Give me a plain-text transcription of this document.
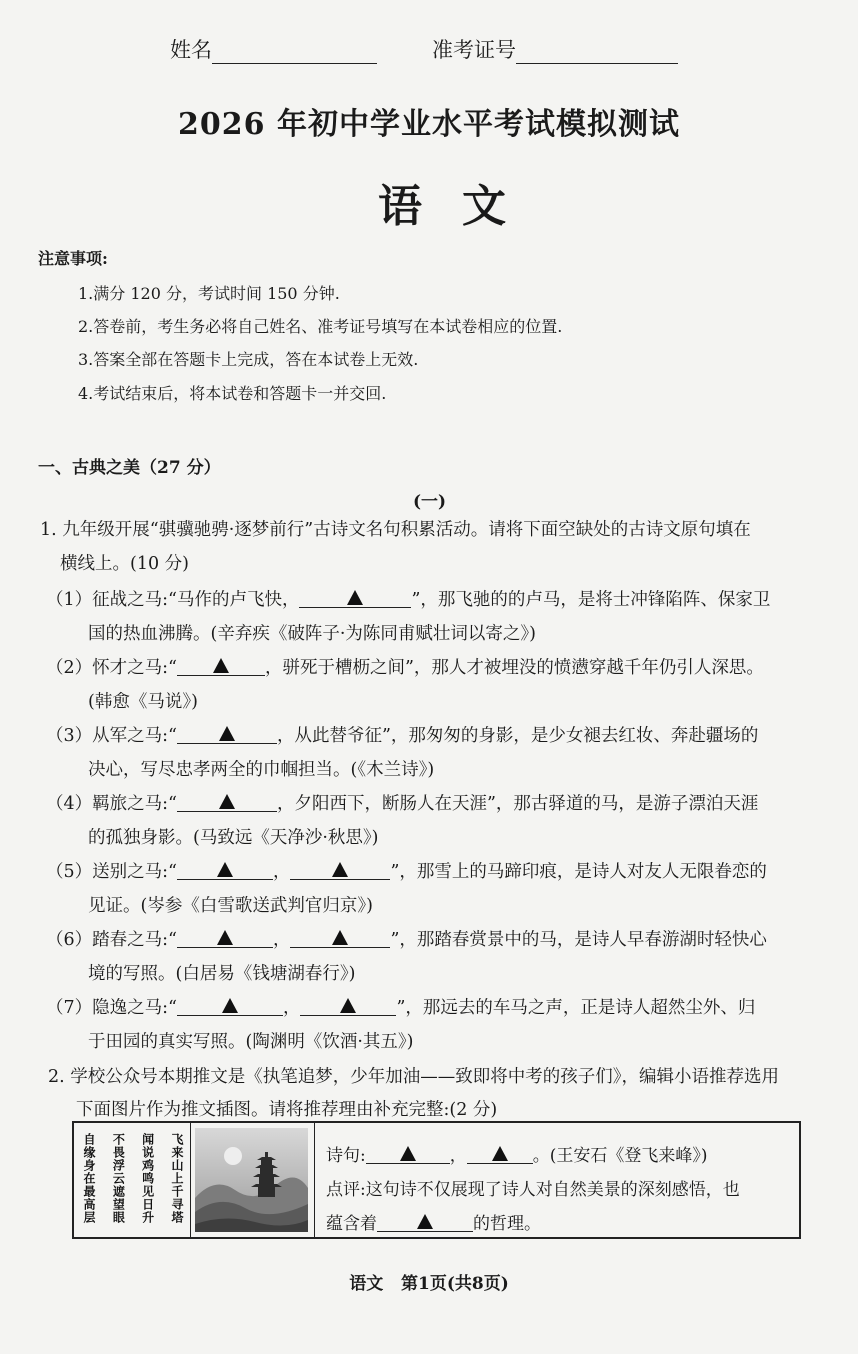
姓名	准考证号
2026 年初中学业水平考试模拟测试
语文
注意事项:
1.满分 120 分，考试时间 150 分钟.
2.答卷前，考生务必将自己姓名、准考证号填写在本试卷相应的位置.
3.答案全部在答题卡上完成，答在本试卷上无效.
4.考试结束后，将本试卷和答题卡一并交回.
一、古典之美（27 分）
(一)
1. 九年级开展“骐骥驰骋·逐梦前行”古诗文名句积累活动。请将下面空缺处的古诗文原句填在
横线上。(10 分)
（1）征战之马:“马作的卢飞快，	”，那飞驰的的卢马，是将士冲锋陷阵、保家卫
国的热血沸腾。(辛弃疾《破阵子·为陈同甫赋壮词以寄之》)
（2）怀才之马:“	，骈死于槽枥之间”，那人才被埋没的愤懑穿越千年仍引人深思。
(韩愈《马说》)
（3）从军之马:“	，从此替爷征”，那匆匆的身影，是少女褪去红妆、奔赴疆场的
决心，写尽忠孝两全的巾帼担当。(《木兰诗》)
（4）羁旅之马:“	，夕阳西下，断肠人在天涯”，那古驿道的马，是游子漂泊天涯
的孤独身影。(马致远《天净沙·秋思》)
（5）送别之马:“	，	”，那雪上的马蹄印痕，是诗人对友人无限眷恋的
见证。(岑参《白雪歌送武判官归京》)
（6）踏春之马:“	，	”，那踏春赏景中的马，是诗人早春游湖时轻快心
境的写照。(白居易《钱塘湖春行》)
（7）隐逸之马:“	，	”，那远去的车马之声，正是诗人超然尘外、归
于田园的真实写照。(陶渊明《饮酒·其五》)
2. 学校公众号本期推文是《执笔追梦，少年加油——致即将中考的孩子们》，编辑小语推荐选用
下面图片作为推文插图。请将推荐理由补充完整:(2 分)
飞来山上千寻塔
闻说鸡鸣见日升
不畏浮云遮望眼
自缘身在最高层	诗句:	，	。(王安石《登飞来峰》)
点评:这句诗不仅展现了诗人对自然美景的深刻感悟，也
蕴含着	的哲理。
语文   第1页(共8页)
